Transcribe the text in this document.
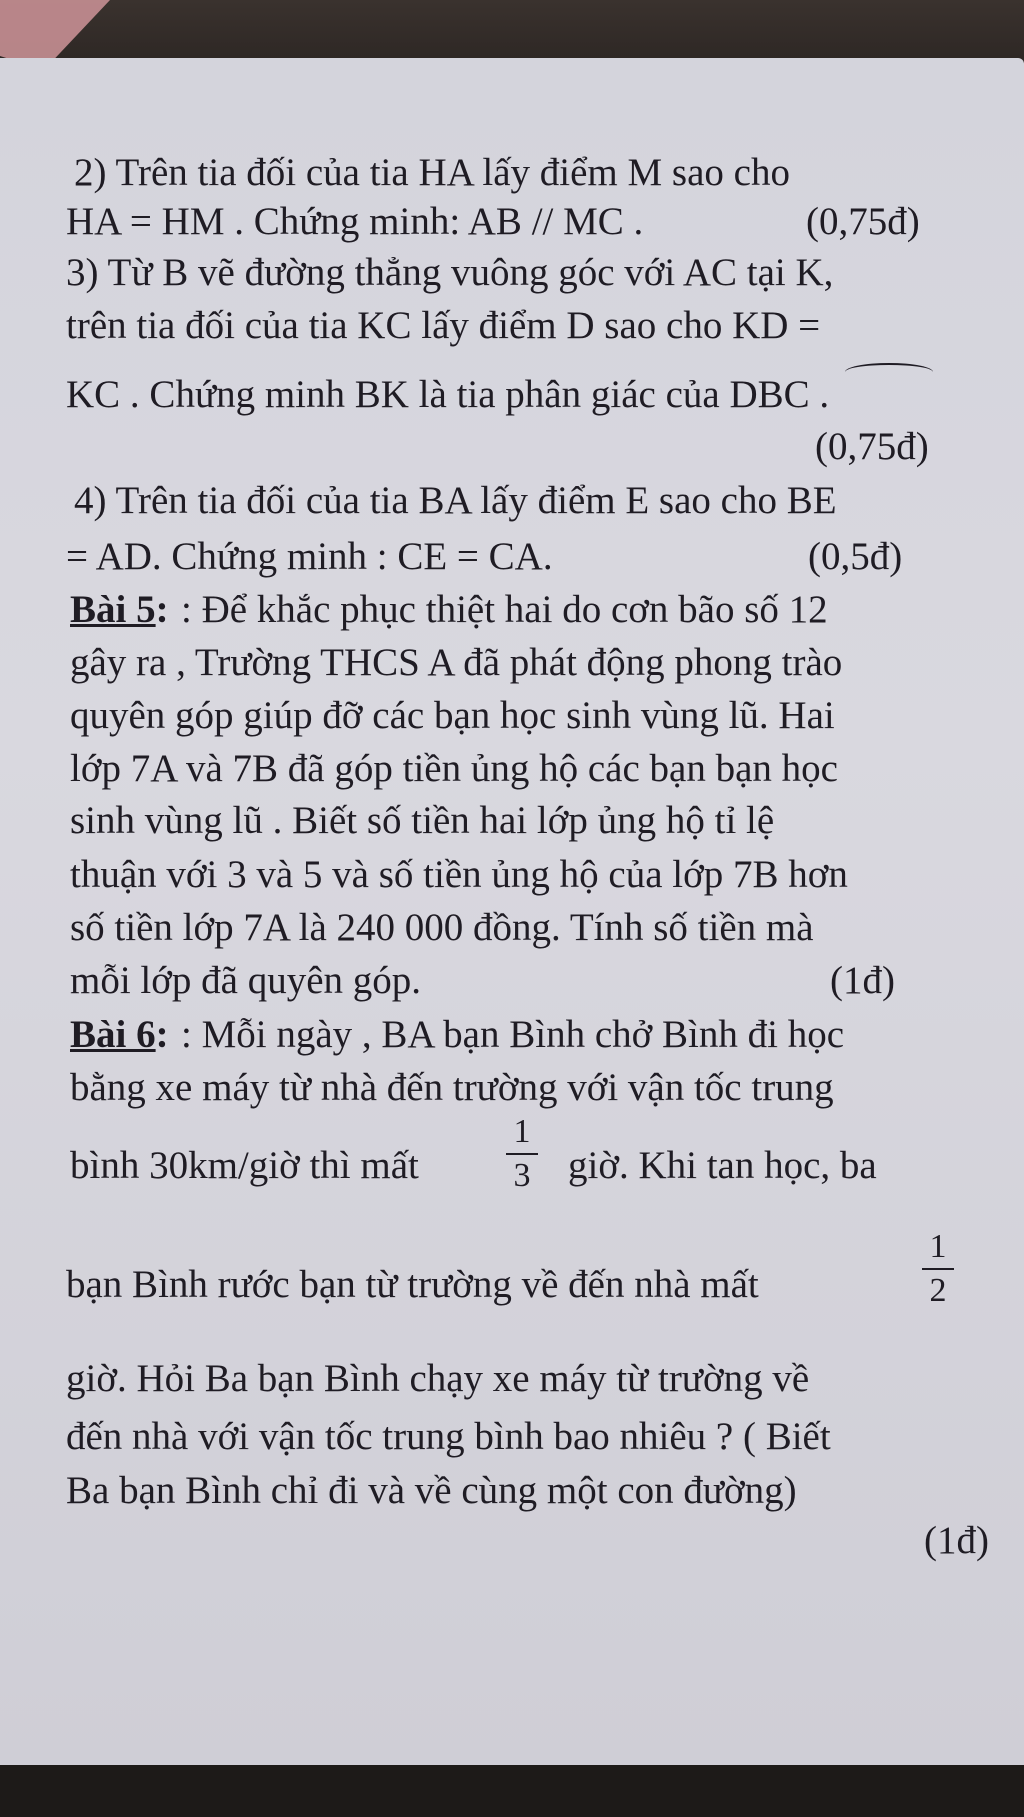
2) Trên tia đối của tia HA lấy điểm M sao cho
HA = HM . Chứng minh: AB // MC .	(0,75đ)
3) Từ B vẽ đường thẳng vuông góc với AC tại K,
trên tia đối của tia KC lấy điểm D sao cho KD =
KC . Chứng minh BK là tia phân giác của DBC .
(0,75đ)
4) Trên tia đối của tia BA lấy điểm E sao cho BE
= AD. Chứng minh : CE = CA.	(0,5đ)
Bài 5: : Để khắc phục thiệt hai do cơn bão số 12
gây ra , Trường THCS A đã phát động phong trào
quyên góp giúp đỡ các bạn học sinh vùng lũ. Hai
lớp 7A và 7B đã góp tiền ủng hộ các bạn bạn học
sinh vùng lũ . Biết số tiền hai lớp ủng hộ tỉ lệ
thuận với 3 và 5 và số tiền ủng hộ của lớp 7B hơn
số tiền lớp 7A là 240 000 đồng. Tính số tiền mà
mỗi lớp đã quyên góp.	(1đ)
Bài 6: : Mỗi ngày , BA bạn Bình chở Bình đi học
bằng xe máy từ nhà đến trường với vận tốc trung
bình 30km/giờ thì mất
1
3 giờ. Khi tan học, ba
bạn Bình rước bạn từ trường về đến nhà mất
1
2
giờ. Hỏi Ba bạn Bình chạy xe máy từ trường về
đến nhà với vận tốc trung bình bao nhiêu ? ( Biết
Ba bạn Bình chỉ đi và về cùng một con đường)
(1đ)
